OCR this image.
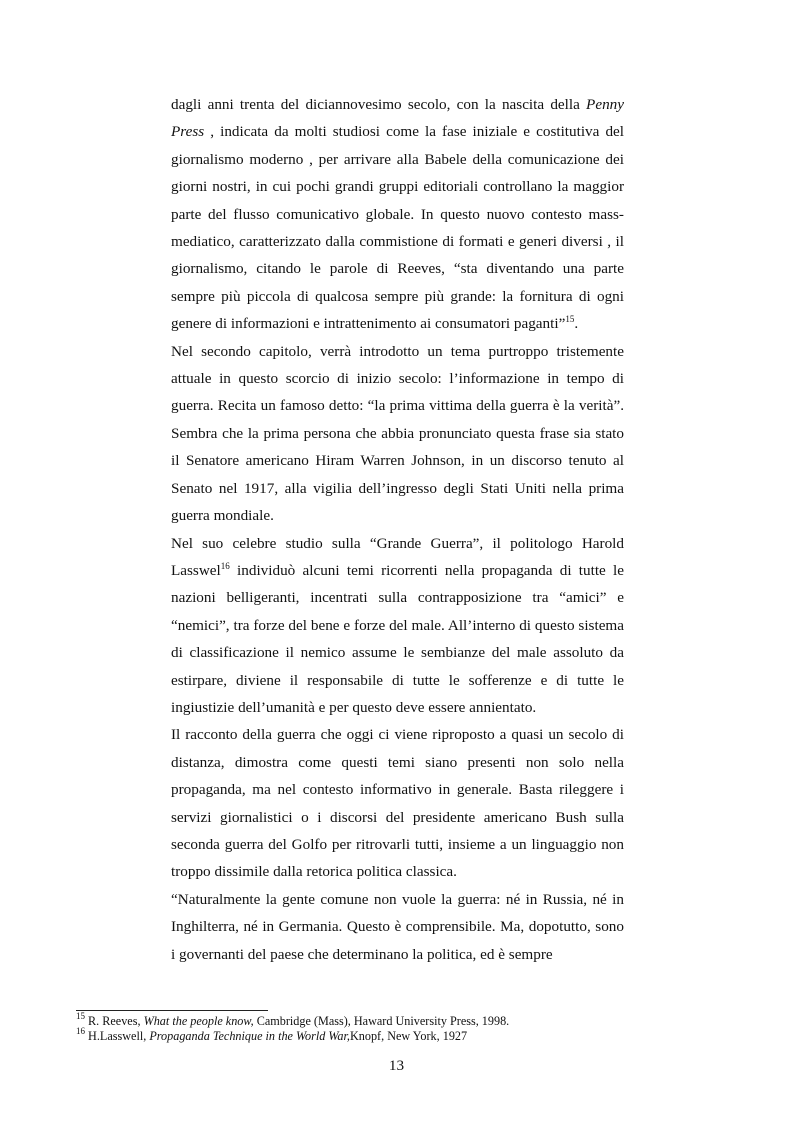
dagli anni trenta del diciannovesimo secolo, con la nascita della Penny Press , indicata da molti studiosi come la fase iniziale e costitutiva del giornalismo moderno , per arrivare alla Babele della comunicazione dei giorni nostri, in cui pochi grandi gruppi editoriali controllano la maggior parte del flusso comunicativo globale. In questo nuovo contesto mass-mediatico, caratterizzato dalla commistione di formati e generi diversi , il giornalismo, citando le parole di Reeves, “sta diventando una parte sempre più piccola di qualcosa sempre più grande: la fornitura di ogni genere di informazioni e intrattenimento ai consumatori paganti”$^{15}$.

Nel secondo capitolo, verrà introdotto un tema purtroppo tristemente attuale in questo scorcio di inizio secolo: l’informazione in tempo di guerra. Recita un famoso detto: “la prima vittima della guerra è la verità”. Sembra che la prima persona che abbia pronunciato questa frase sia stato il Senatore americano Hiram Warren Johnson, in un discorso tenuto al Senato nel 1917, alla vigilia dell’ingresso degli Stati Uniti nella prima guerra mondiale.

Nel suo celebre studio sulla “Grande Guerra”, il politologo Harold Lasswel$^{16}$ individuò alcuni temi ricorrenti nella propaganda di tutte le nazioni belligeranti, incentrati sulla contrapposizione tra “amici” e “nemici”, tra forze del bene e forze del male. All’interno di questo sistema di classificazione il nemico assume le sembianze del male assoluto da estirpare, diviene il responsabile di tutte le sofferenze e di tutte le ingiustizie dell’umanità e per questo deve essere annientato.

Il racconto della guerra che oggi ci viene riproposto a quasi un secolo di distanza, dimostra come questi temi siano presenti non solo nella propaganda, ma nel contesto informativo in generale. Basta rileggere i servizi giornalistici o i discorsi del presidente americano Bush sulla seconda guerra del Golfo per ritrovarli tutti, insieme a un linguaggio non troppo dissimile dalla retorica politica classica.

“Naturalmente la gente comune non vuole la guerra: né in Russia, né in Inghilterra, né in Germania. Questo è comprensibile. Ma, dopotutto, sono i governanti del paese che determinano la politica, ed è sempre

$^{15}$ R. Reeves, What the people know, Cambridge (Mass), Haward University Press, 1998.
$^{16}$ H.Lasswell, Propaganda Technique in the World War,Knopf, New York, 1927
13
